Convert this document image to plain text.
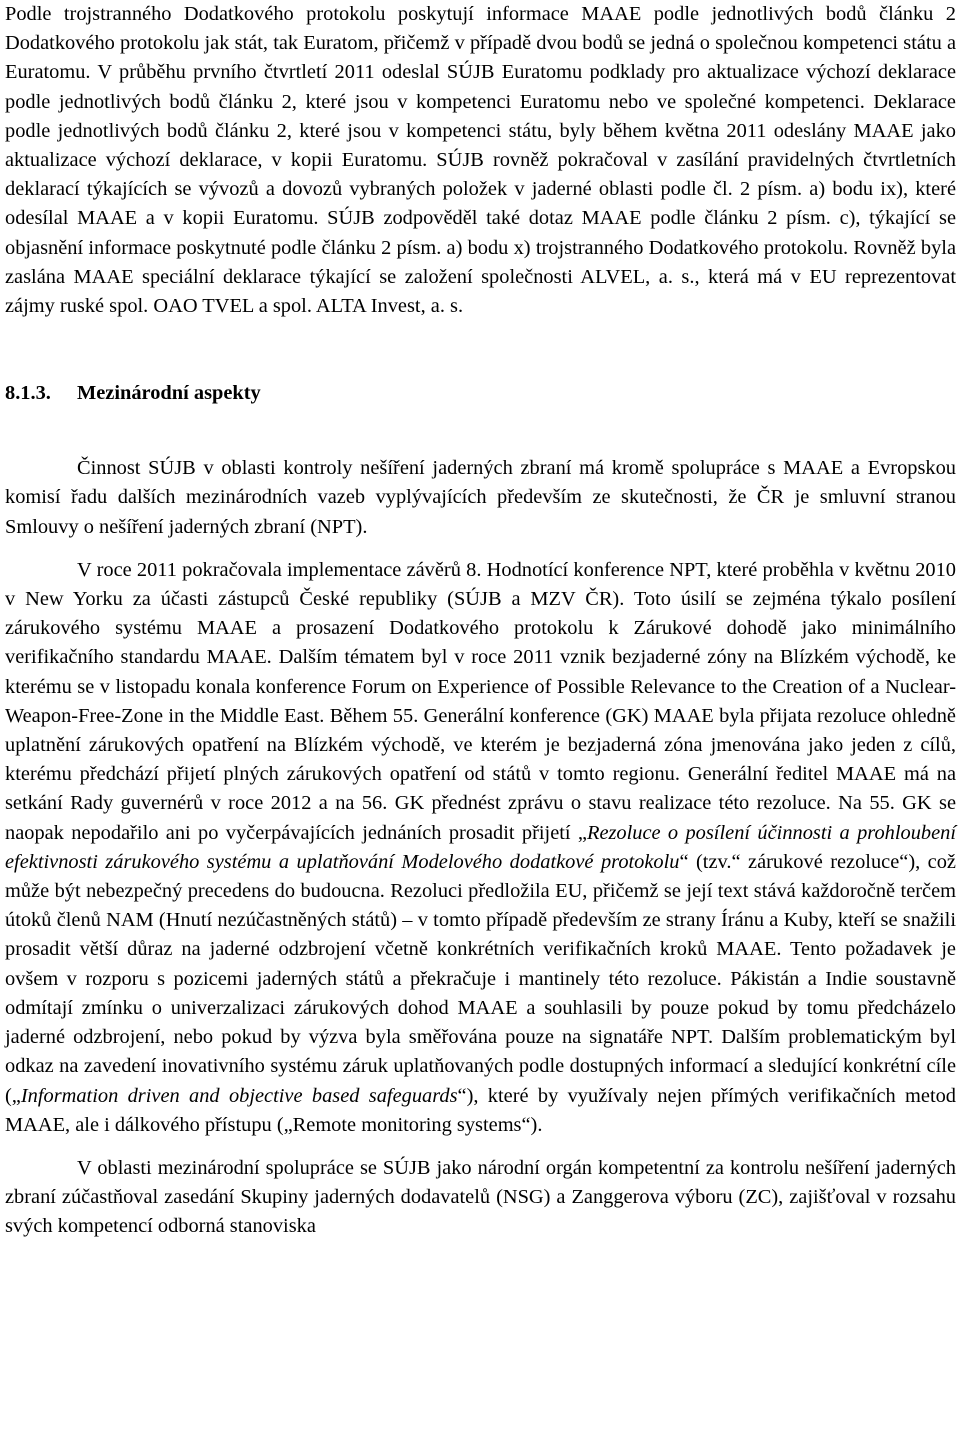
Podle trojstranného Dodatkového protokolu poskytují informace MAAE podle jednotlivých bodů článku 2 Dodatkového protokolu jak stát, tak Euratom, přičemž v případě dvou bodů se jedná o společnou kompetenci státu a Euratomu. V průběhu prvního čtvrtletí 2011 odeslal SÚJB Euratomu podklady pro aktualizace výchozí deklarace podle jednotlivých bodů článku 2, které jsou v kompetenci Euratomu nebo ve společné kompetenci. Deklarace podle jednotlivých bodů článku 2, které jsou v kompetenci státu, byly během května 2011 odeslány MAAE jako aktualizace výchozí deklarace, v kopii Euratomu. SÚJB rovněž pokračoval v zasílání pravidelných čtvrtletních deklarací týkajících se vývozů a dovozů vybraných položek v jaderné oblasti podle čl. 2 písm. a) bodu ix), které odesílal MAAE a v kopii Euratomu. SÚJB zodpověděl také dotaz MAAE podle článku 2 písm. c), týkající se objasnění informace poskytnuté podle článku 2 písm. a) bodu x) trojstranného Dodatkového protokolu. Rovněž byla zaslána MAAE speciální deklarace týkající se založení společnosti ALVEL, a. s., která má v EU reprezentovat zájmy ruské spol. OAO TVEL a spol. ALTA Invest, a. s.

8.1.3. Mezinárodní aspekty

Činnost SÚJB v oblasti kontroly nešíření jaderných zbraní má kromě spolupráce s MAAE a Evropskou komisí řadu dalších mezinárodních vazeb vyplývajících především ze skutečnosti, že ČR je smluvní stranou Smlouvy o nešíření jaderných zbraní (NPT).

V roce 2011 pokračovala implementace závěrů 8. Hodnotící konference NPT, které proběhla v květnu 2010 v New Yorku za účasti zástupců České republiky (SÚJB a MZV ČR). Toto úsilí se zejména týkalo posílení zárukového systému MAAE a prosazení Dodatkového protokolu k Zárukové dohodě jako minimálního verifikačního standardu MAAE. Dalším tématem byl v roce 2011 vznik bezjaderné zóny na Blízkém východě, ke kterému se v listopadu konala konference Forum on Experience of Possible Relevance to the Creation of a Nuclear-Weapon-Free-Zone in the Middle East. Během 55. Generální konference (GK) MAAE byla přijata rezoluce ohledně uplatnění zárukových opatření na Blízkém východě, ve kterém je bezjaderná zóna jmenována jako jeden z cílů, kterému předchází přijetí plných zárukových opatření od států v tomto regionu. Generální ředitel MAAE má na setkání Rady guvernérů v roce 2012 a na 56. GK přednést zprávu o stavu realizace této rezoluce. Na 55. GK se naopak nepodařilo ani po vyčerpávajících jednáních prosadit přijetí „Rezoluce o posílení účinnosti a prohloubení efektivnosti zárukového systému a uplatňování Modelového dodatkové protokolu“ (tzv.“ zárukové rezoluce“), což může být nebezpečný precedens do budoucna. Rezoluci předložila EU, přičemž se její text stává každoročně terčem útoků členů NAM (Hnutí nezúčastněných států) – v tomto případě především ze strany Íránu a Kuby, kteří se snažili prosadit větší důraz na jaderné odzbrojení včetně konkrétních verifikačních kroků MAAE. Tento požadavek je ovšem v rozporu s pozicemi jaderných států a překračuje i mantinely této rezoluce. Pákistán a Indie soustavně odmítají zmínku o univerzalizaci zárukových dohod MAAE a souhlasili by pouze pokud by tomu předcházelo jaderné odzbrojení, nebo pokud by výzva byla směřována pouze na signatáře NPT. Dalším problematickým byl odkaz na zavedení inovativního systému záruk uplatňovaných podle dostupných informací a sledující konkrétní cíle („Information driven and objective based safeguards“), které by využívaly nejen přímých verifikačních metod MAAE, ale i dálkového přístupu („Remote monitoring systems“).

V oblasti mezinárodní spolupráce se SÚJB jako národní orgán kompetentní za kontrolu nešíření jaderných zbraní zúčastňoval zasedání Skupiny jaderných dodavatelů (NSG) a Zanggerova výboru (ZC), zajišťoval v rozsahu svých kompetencí odborná stanoviska
